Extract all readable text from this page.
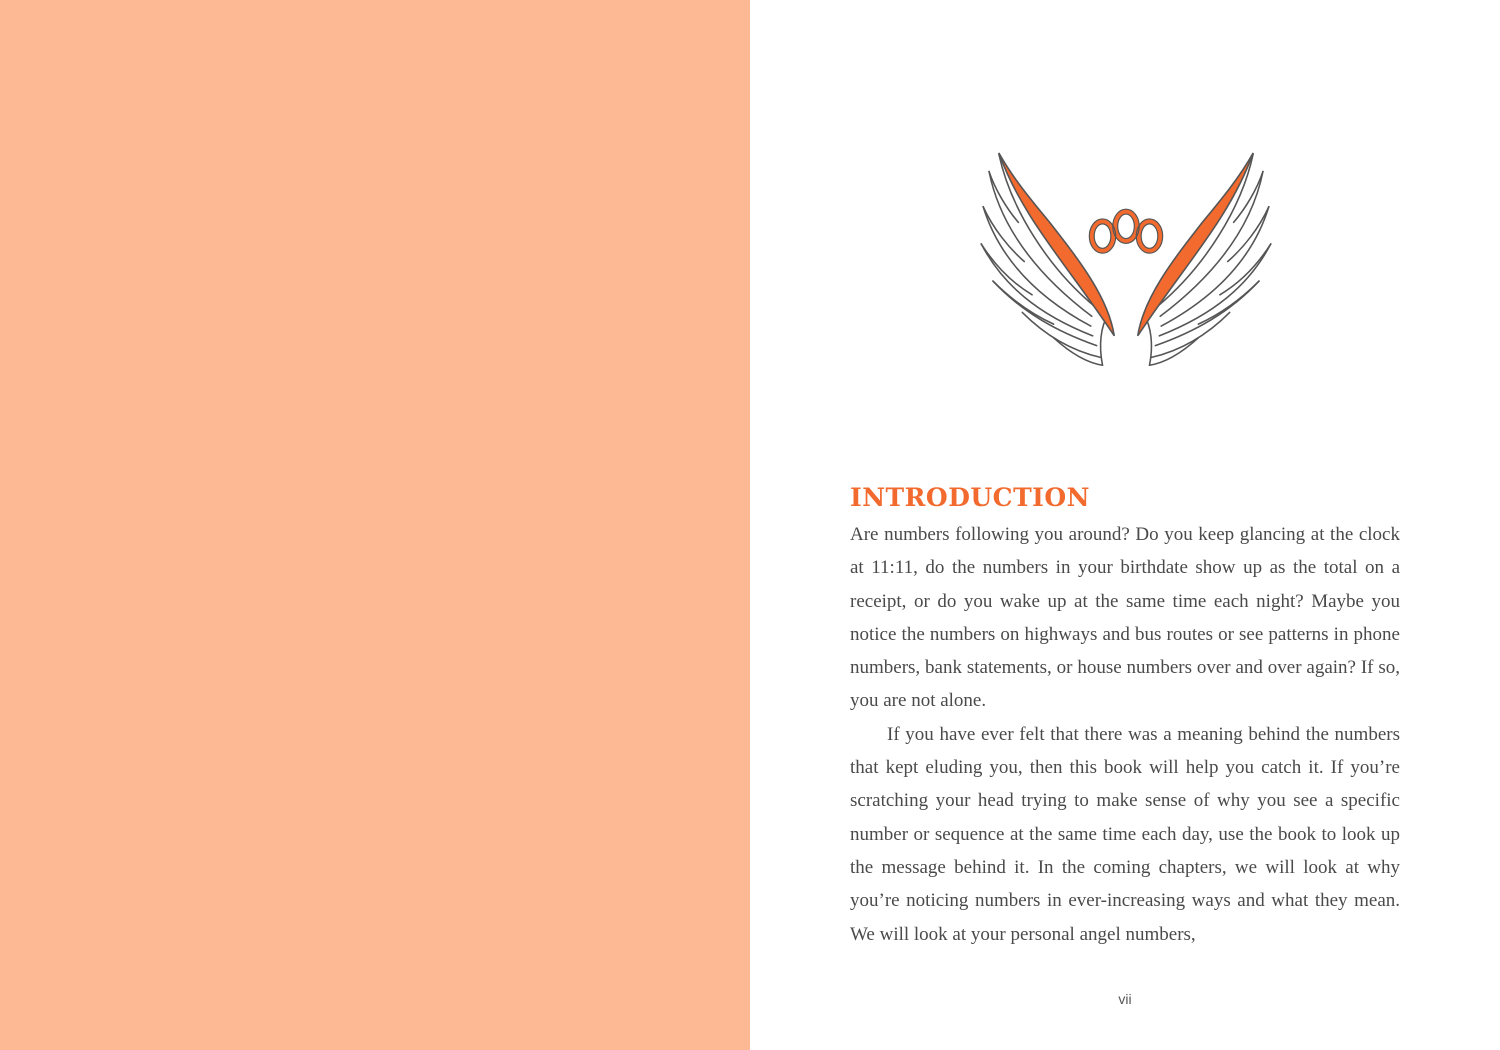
INTRODUCTION

Are numbers following you around? Do you keep glancing at the clock at 11:11, do the numbers in your birthdate show up as the total on a receipt, or do you wake up at the same time each night? Maybe you notice the numbers on highways and bus routes or see patterns in phone numbers, bank statements, or house numbers over and over again? If so, you are not alone.

If you have ever felt that there was a meaning behind the numbers that kept eluding you, then this book will help you catch it. If you’re scratching your head trying to make sense of why you see a specific number or sequence at the same time each day, use the book to look up the message behind it. In the coming chapters, we will look at why you’re noticing numbers in ever-increasing ways and what they mean. We will look at your personal angel numbers,

vii
